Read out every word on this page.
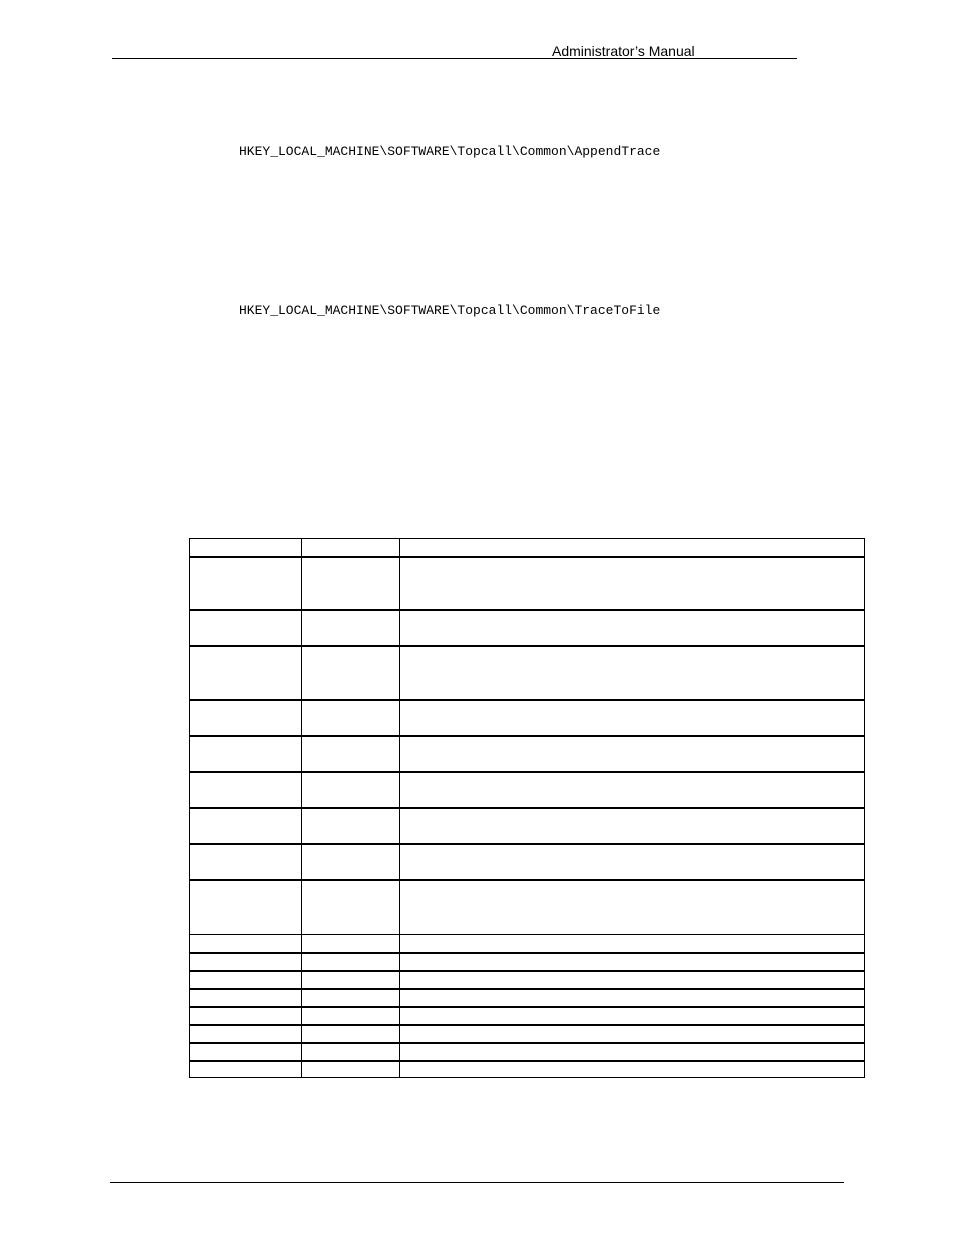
Administrator’s Manual
HKEY_LOCAL_MACHINE\SOFTWARE\Topcall\Common\AppendTrace
HKEY_LOCAL_MACHINE\SOFTWARE\Topcall\Common\TraceToFile
